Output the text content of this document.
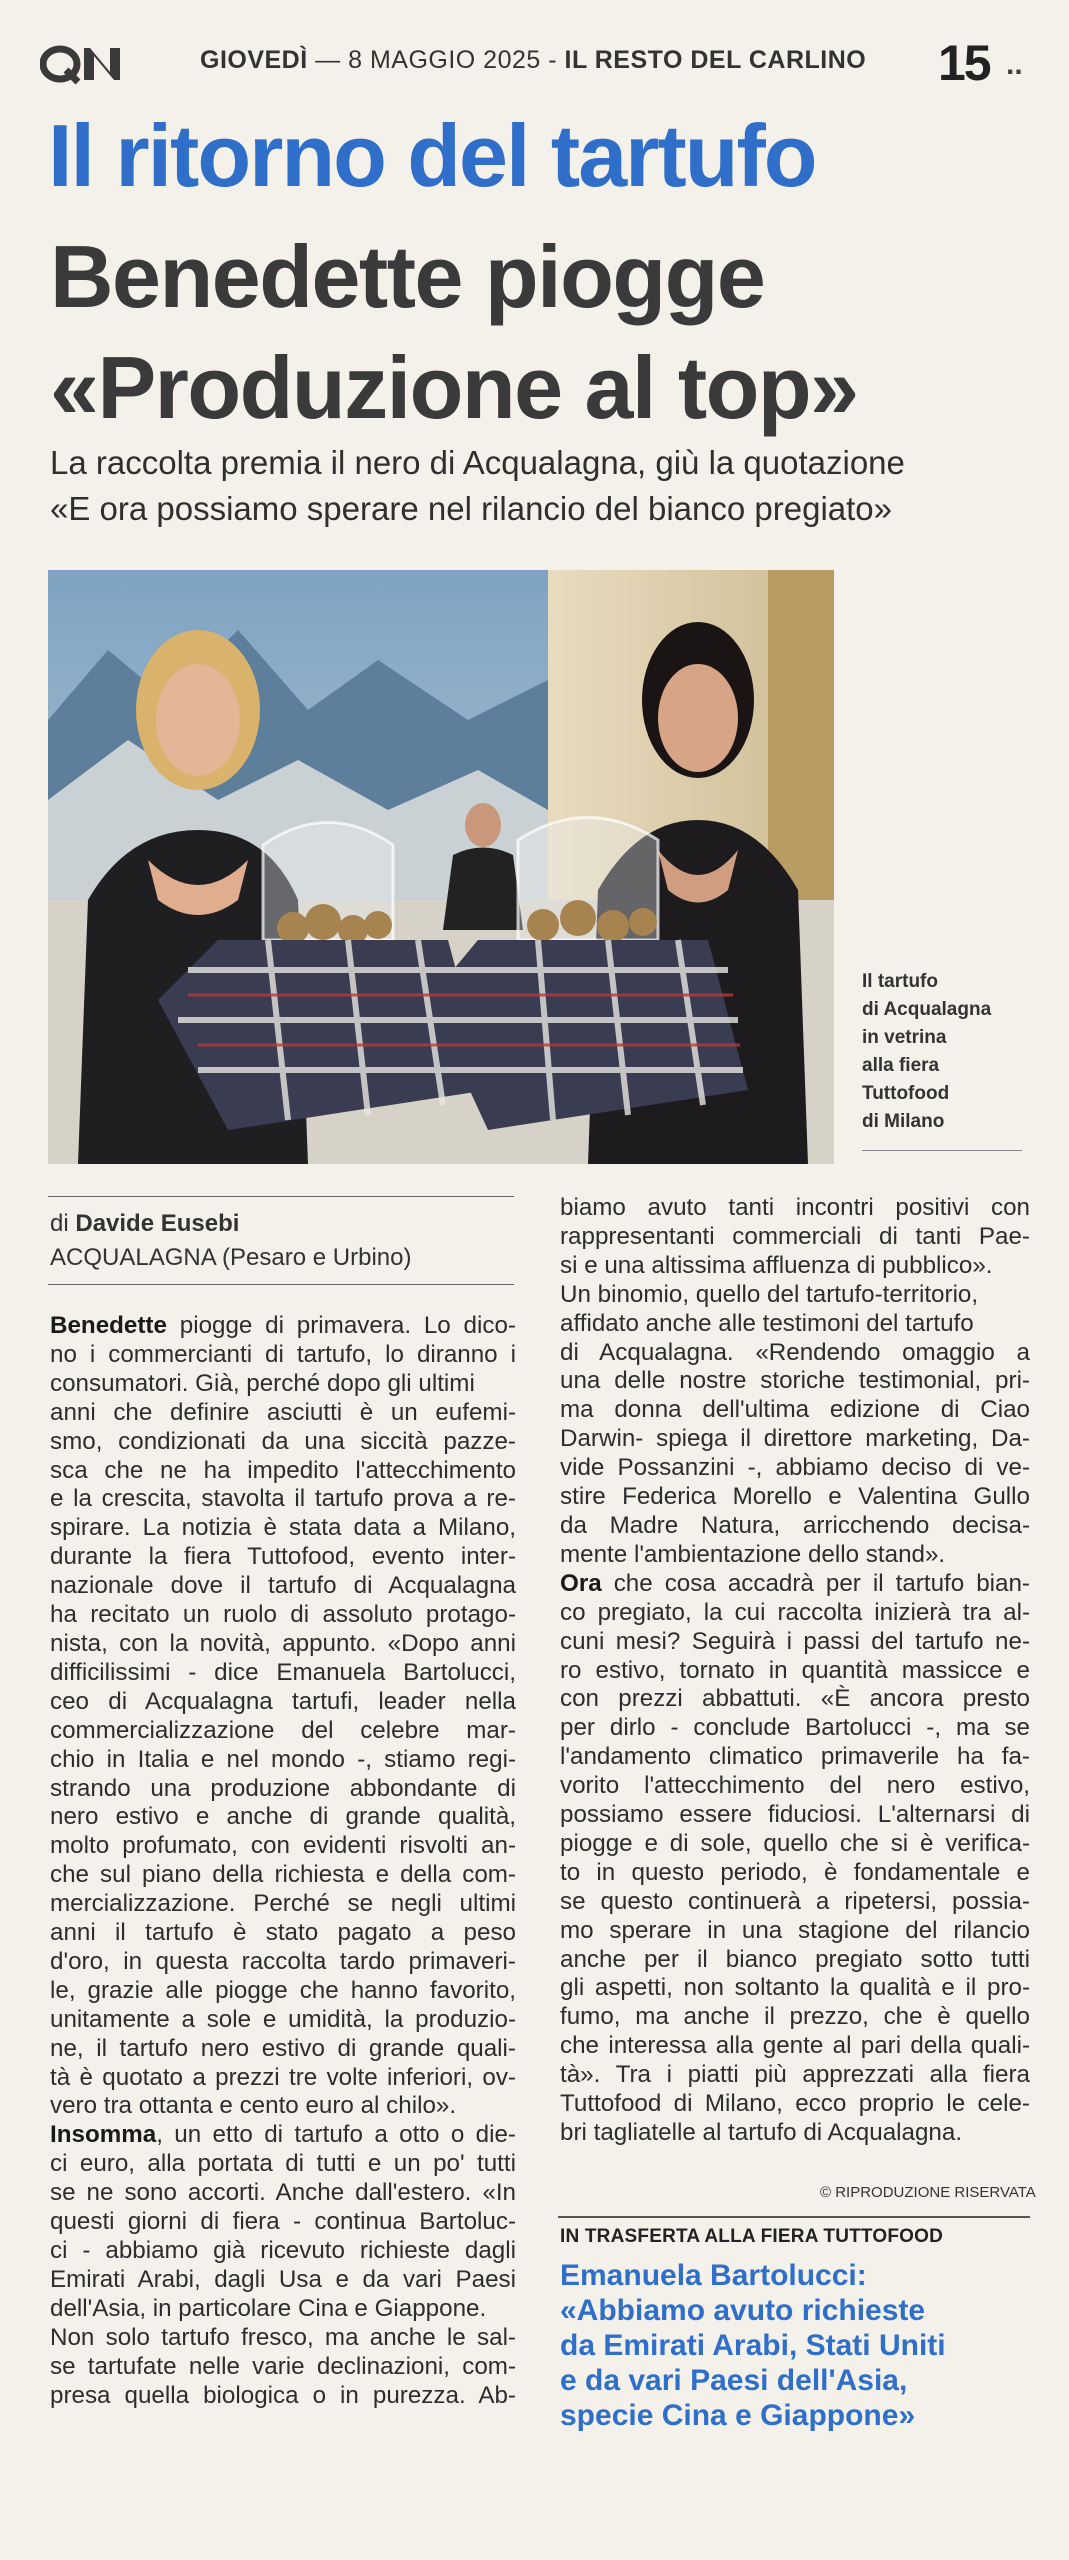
GIOVEDÌ — 8 MAGGIO 2025 - IL RESTO DEL CARLINO 15 ..
Il ritorno del tartufo
Benedette piogge
«Produzione al top»
La raccolta premia il nero di Acqualagna, giù la quotazione
«E ora possiamo sperare nel rilancio del bianco pregiato»
Il tartufo
di Acqualagna
in vetrina
alla fiera
Tuttofood
di Milano
di Davide Eusebi
ACQUALAGNA (Pesaro e Urbino)
Benedette piogge di primavera. Lo dico-
no i commercianti di tartufo, lo diranno i
consumatori. Già, perché dopo gli ultimi
anni che definire asciutti è un eufemi-
smo, condizionati da una siccità pazze-
sca che ne ha impedito l'attecchimento
e la crescita, stavolta il tartufo prova a re-
spirare. La notizia è stata data a Milano,
durante la fiera Tuttofood, evento inter-
nazionale dove il tartufo di Acqualagna
ha recitato un ruolo di assoluto protago-
nista, con la novità, appunto. «Dopo anni
difficilissimi - dice Emanuela Bartolucci,
ceo di Acqualagna tartufi, leader nella
commercializzazione del celebre mar-
chio in Italia e nel mondo -, stiamo regi-
strando una produzione abbondante di
nero estivo e anche di grande qualità,
molto profumato, con evidenti risvolti an-
che sul piano della richiesta e della com-
mercializzazione. Perché se negli ultimi
anni il tartufo è stato pagato a peso
d'oro, in questa raccolta tardo primaveri-
le, grazie alle piogge che hanno favorito,
unitamente a sole e umidità, la produzio-
ne, il tartufo nero estivo di grande quali-
tà è quotato a prezzi tre volte inferiori, ov-
vero tra ottanta e cento euro al chilo».
Insomma, un etto di tartufo a otto o die-
ci euro, alla portata di tutti e un po' tutti
se ne sono accorti. Anche dall'estero. «In
questi giorni di fiera - continua Bartoluc-
ci - abbiamo già ricevuto richieste dagli
Emirati Arabi, dagli Usa e da vari Paesi
dell'Asia, in particolare Cina e Giappone.
Non solo tartufo fresco, ma anche le sal-
se tartufate nelle varie declinazioni, com-
presa quella biologica o in purezza. Ab-
biamo avuto tanti incontri positivi con
rappresentanti commerciali di tanti Pae-
si e una altissima affluenza di pubblico».
Un binomio, quello del tartufo-territorio,
affidato anche alle testimoni del tartufo
di Acqualagna. «Rendendo omaggio a
una delle nostre storiche testimonial, pri-
ma donna dell'ultima edizione di Ciao
Darwin- spiega il direttore marketing, Da-
vide Possanzini -, abbiamo deciso di ve-
stire Federica Morello e Valentina Gullo
da Madre Natura, arricchendo decisa-
mente l'ambientazione dello stand».
Ora che cosa accadrà per il tartufo bian-
co pregiato, la cui raccolta inizierà tra al-
cuni mesi? Seguirà i passi del tartufo ne-
ro estivo, tornato in quantità massicce e
con prezzi abbattuti. «È ancora presto
per dirlo - conclude Bartolucci -, ma se
l'andamento climatico primaverile ha fa-
vorito l'attecchimento del nero estivo,
possiamo essere fiduciosi. L'alternarsi di
piogge e di sole, quello che si è verifica-
to in questo periodo, è fondamentale e
se questo continuerà a ripetersi, possia-
mo sperare in una stagione del rilancio
anche per il bianco pregiato sotto tutti
gli aspetti, non soltanto la qualità e il pro-
fumo, ma anche il prezzo, che è quello
che interessa alla gente al pari della quali-
tà». Tra i piatti più apprezzati alla fiera
Tuttofood di Milano, ecco proprio le cele-
bri tagliatelle al tartufo di Acqualagna.
© RIPRODUZIONE RISERVATA
IN TRASFERTA ALLA FIERA TUTTOFOOD
Emanuela Bartolucci:
«Abbiamo avuto richieste
da Emirati Arabi, Stati Uniti
e da vari Paesi dell'Asia,
specie Cina e Giappone»
